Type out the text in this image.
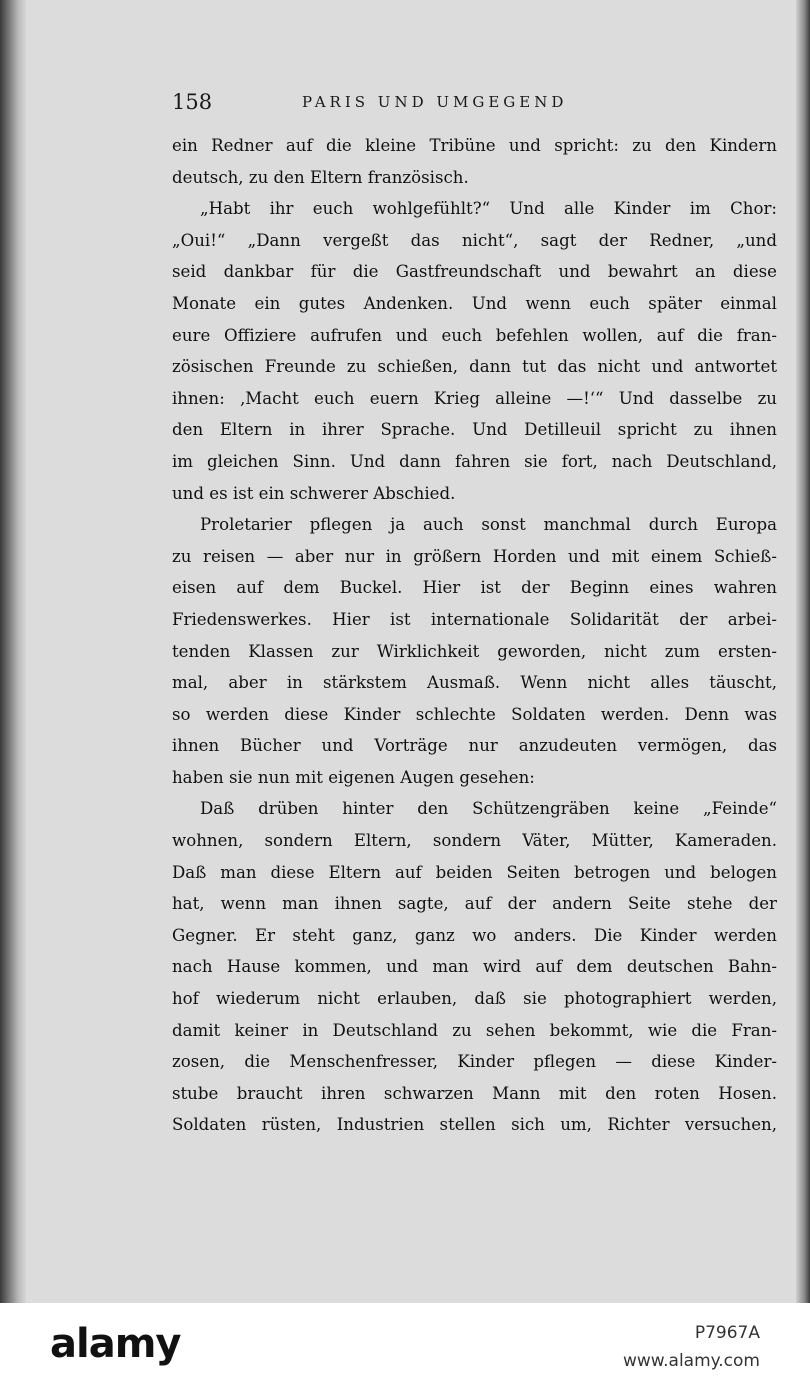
158	PARIS UND UMGEGEND
ein Redner auf die kleine Tribüne und spricht: zu den Kindern
deutsch, zu den Eltern französisch.
„Habt ihr euch wohlgefühlt?“ Und alle Kinder im Chor:
„Oui!“ „Dann vergeßt das nicht“, sagt der Redner, „und
seid dankbar für die Gastfreundschaft und bewahrt an diese
Monate ein gutes Andenken. Und wenn euch später einmal
eure Offiziere aufrufen und euch befehlen wollen, auf die fran-
zösischen Freunde zu schießen, dann tut das nicht und antwortet
ihnen: ‚Macht euch euern Krieg alleine —!‘“ Und dasselbe zu
den Eltern in ihrer Sprache. Und Detilleuil spricht zu ihnen
im gleichen Sinn. Und dann fahren sie fort, nach Deutschland,
und es ist ein schwerer Abschied.
Proletarier pflegen ja auch sonst manchmal durch Europa
zu reisen — aber nur in größern Horden und mit einem Schieß-
eisen auf dem Buckel. Hier ist der Beginn eines wahren
Friedenswerkes. Hier ist internationale Solidarität der arbei-
tenden Klassen zur Wirklichkeit geworden, nicht zum ersten-
mal, aber in stärkstem Ausmaß. Wenn nicht alles täuscht,
so werden diese Kinder schlechte Soldaten werden. Denn was
ihnen Bücher und Vorträge nur anzudeuten vermögen, das
haben sie nun mit eigenen Augen gesehen:
Daß drüben hinter den Schützengräben keine „Feinde“
wohnen, sondern Eltern, sondern Väter, Mütter, Kameraden.
Daß man diese Eltern auf beiden Seiten betrogen und belogen
hat, wenn man ihnen sagte, auf der andern Seite stehe der
Gegner. Er steht ganz, ganz wo anders. Die Kinder werden
nach Hause kommen, und man wird auf dem deutschen Bahn-
hof wiederum nicht erlauben, daß sie photographiert werden,
damit keiner in Deutschland zu sehen bekommt, wie die Fran-
zosen, die Menschenfresser, Kinder pflegen — diese Kinder-
stube braucht ihren schwarzen Mann mit den roten Hosen.
Soldaten rüsten, Industrien stellen sich um, Richter versuchen,
alamy	P7967A
www.alamy.com
